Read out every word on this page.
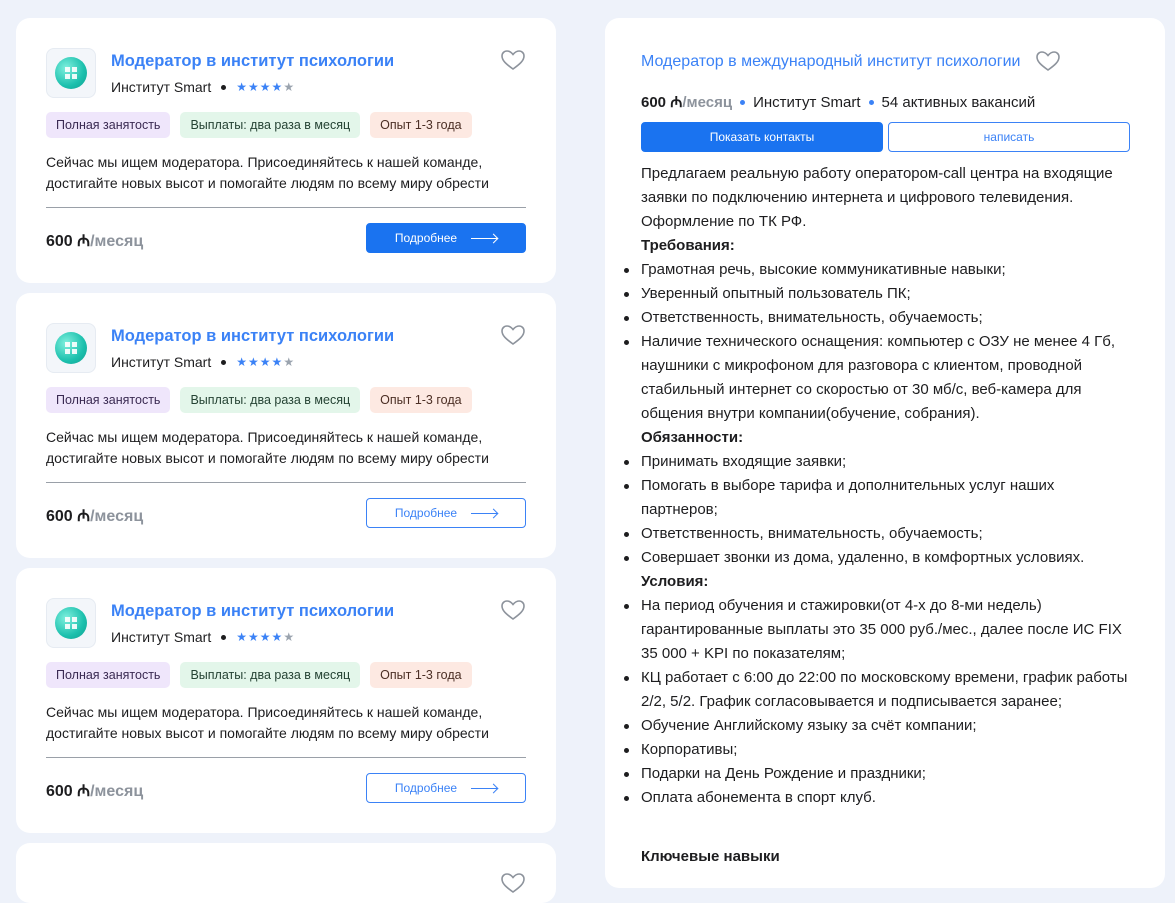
Модератор в институт психологии
Институт Smart ★ ★ ★ ★ ★
Полная занятость	Выплаты: два раза в месяц	Опыт 1-3 года
Сейчас мы ищем модератора. Присоединяйтесь к нашей команде, достигайте новых высот и помогайте людям по всему миру обрести
600 ₼/месяц	Подробнее
Модератор в институт психологии
Институт Smart ★ ★ ★ ★ ★
Полная занятость	Выплаты: два раза в месяц	Опыт 1-3 года
Сейчас мы ищем модератора. Присоединяйтесь к нашей команде, достигайте новых высот и помогайте людям по всему миру обрести
600 ₼/месяц	Подробнее
Модератор в институт психологии
Институт Smart ★ ★ ★ ★ ★
Полная занятость	Выплаты: два раза в месяц	Опыт 1-3 года
Сейчас мы ищем модератора. Присоединяйтесь к нашей команде, достигайте новых высот и помогайте людям по всему миру обрести
600 ₼/месяц	Подробнее
Модератор в международный институт психологии
600 ₼ /месяц Институт Smart 54 активных вакансий
Показать контакты	написать

Предлагаем реальную работу оператором-call центра на входящие заявки по подключению интернета и цифрового телевидения. Оформление по ТК РФ.

Требования:

Грамотная речь, высокие коммуникативные навыки;
Уверенный опытный пользователь ПК;
Ответственность, внимательность, обучаемость;
Наличие технического оснащения: компьютер с ОЗУ не менее 4 Гб, наушники с микрофоном для разговора с клиентом, проводной стабильный интернет со скоростью от 30 мб/с, веб-камера для общения внутри компании(обучение, собрания).

Обязанности:

Принимать входящие заявки;
Помогать в выборе тарифа и дополнительных услуг наших партнеров;
Ответственность, внимательность, обучаемость;
Совершает звонки из дома, удаленно, в комфортных условиях.

Условия:

На период обучения и стажировки(от 4-х до 8-ми недель) гарантированные выплаты это 35 000 руб./мес., далее после ИС FIX 35 000 + KPI по показателям;
КЦ работает с 6:00 до 22:00 по московскому времени, график работы 2/2, 5/2. График согласовывается и подписывается заранее;
Обучение Английскому языку за счёт компании;
Корпоративы;
Подарки на День Рождение и праздники;
Оплата абонемента в спорт клуб.
Ключевые навыки
